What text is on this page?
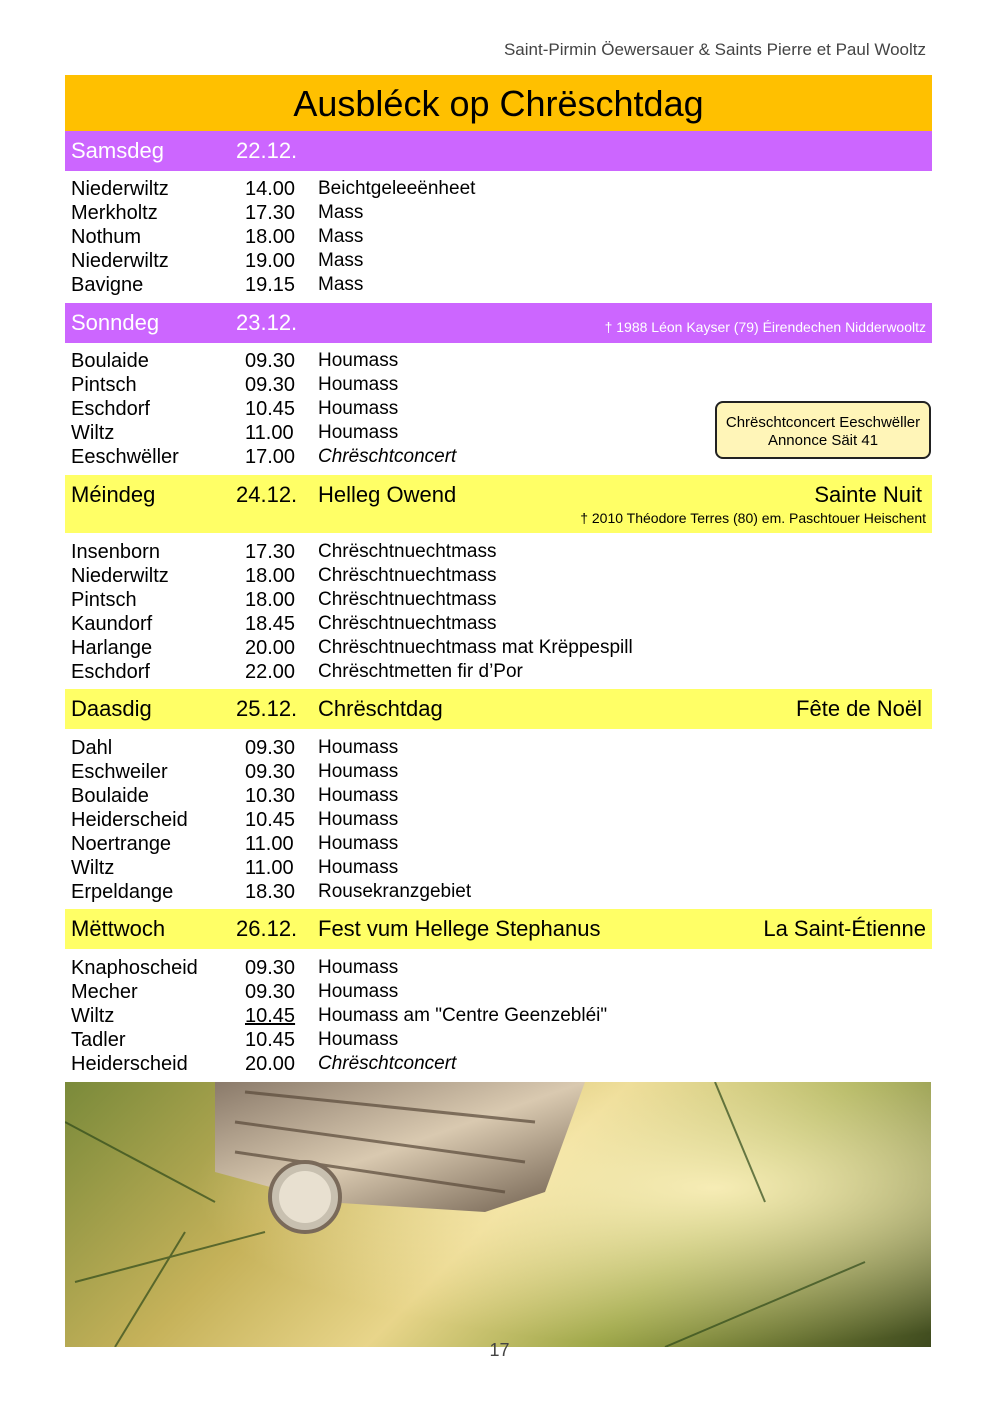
Saint-Pirmin Öewersauer & Saints Pierre et Paul Wooltz
Ausbléck op Chrëschtdag
Samsdeg	22.12.
Niederwiltz	14.00 Beichtgeleeënheet
Merkholtz	17.30 Mass
Nothum	18.00 Mass
Niederwiltz	19.00 Mass
Bavigne	19.15 Mass
Sonndeg	23.12.	† 1988 Léon Kayser (79) Éirendechen Nidderwooltz
Boulaide	09.30 Houmass
Pintsch	09.30 Houmass
Eschdorf	10.45 Houmass
Wiltz	11.00 Houmass
Eeschwëller	17.00 Chrëschtconcert
Chrëschtconcert Eeschwëller
Annonce Säit 41
Méindeg	24.12. Helleg Owend	Sainte Nuit
† 2010 Théodore Terres (80) em. Paschtouer Heischent
Insenborn	17.30 Chrëschtnuechtmass
Niederwiltz	18.00 Chrëschtnuechtmass
Pintsch	18.00 Chrëschtnuechtmass
Kaundorf	18.45 Chrëschtnuechtmass
Harlange	20.00 Chrëschtnuechtmass mat Krëppespill
Eschdorf	22.00 Chrëschtmetten fir d’Por
Daasdig	25.12. Chrëschtdag	Fête de Noël
Dahl	09.30 Houmass
Eschweiler	09.30 Houmass
Boulaide	10.30 Houmass
Heiderscheid	10.45 Houmass
Noertrange	11.00 Houmass
Wiltz	11.00 Houmass
Erpeldange	18.30 Rousekranzgebiet
Mëttwoch	26.12. Fest vum Hellege Stephanus	La Saint-Étienne
Knaphoscheid 09.30 Houmass
Mecher	09.30 Houmass
Wiltz	10.45 Houmass am "Centre Geenzebléi"
Tadler	10.45 Houmass
Heiderscheid	20.00 Chrëschtconcert
17
